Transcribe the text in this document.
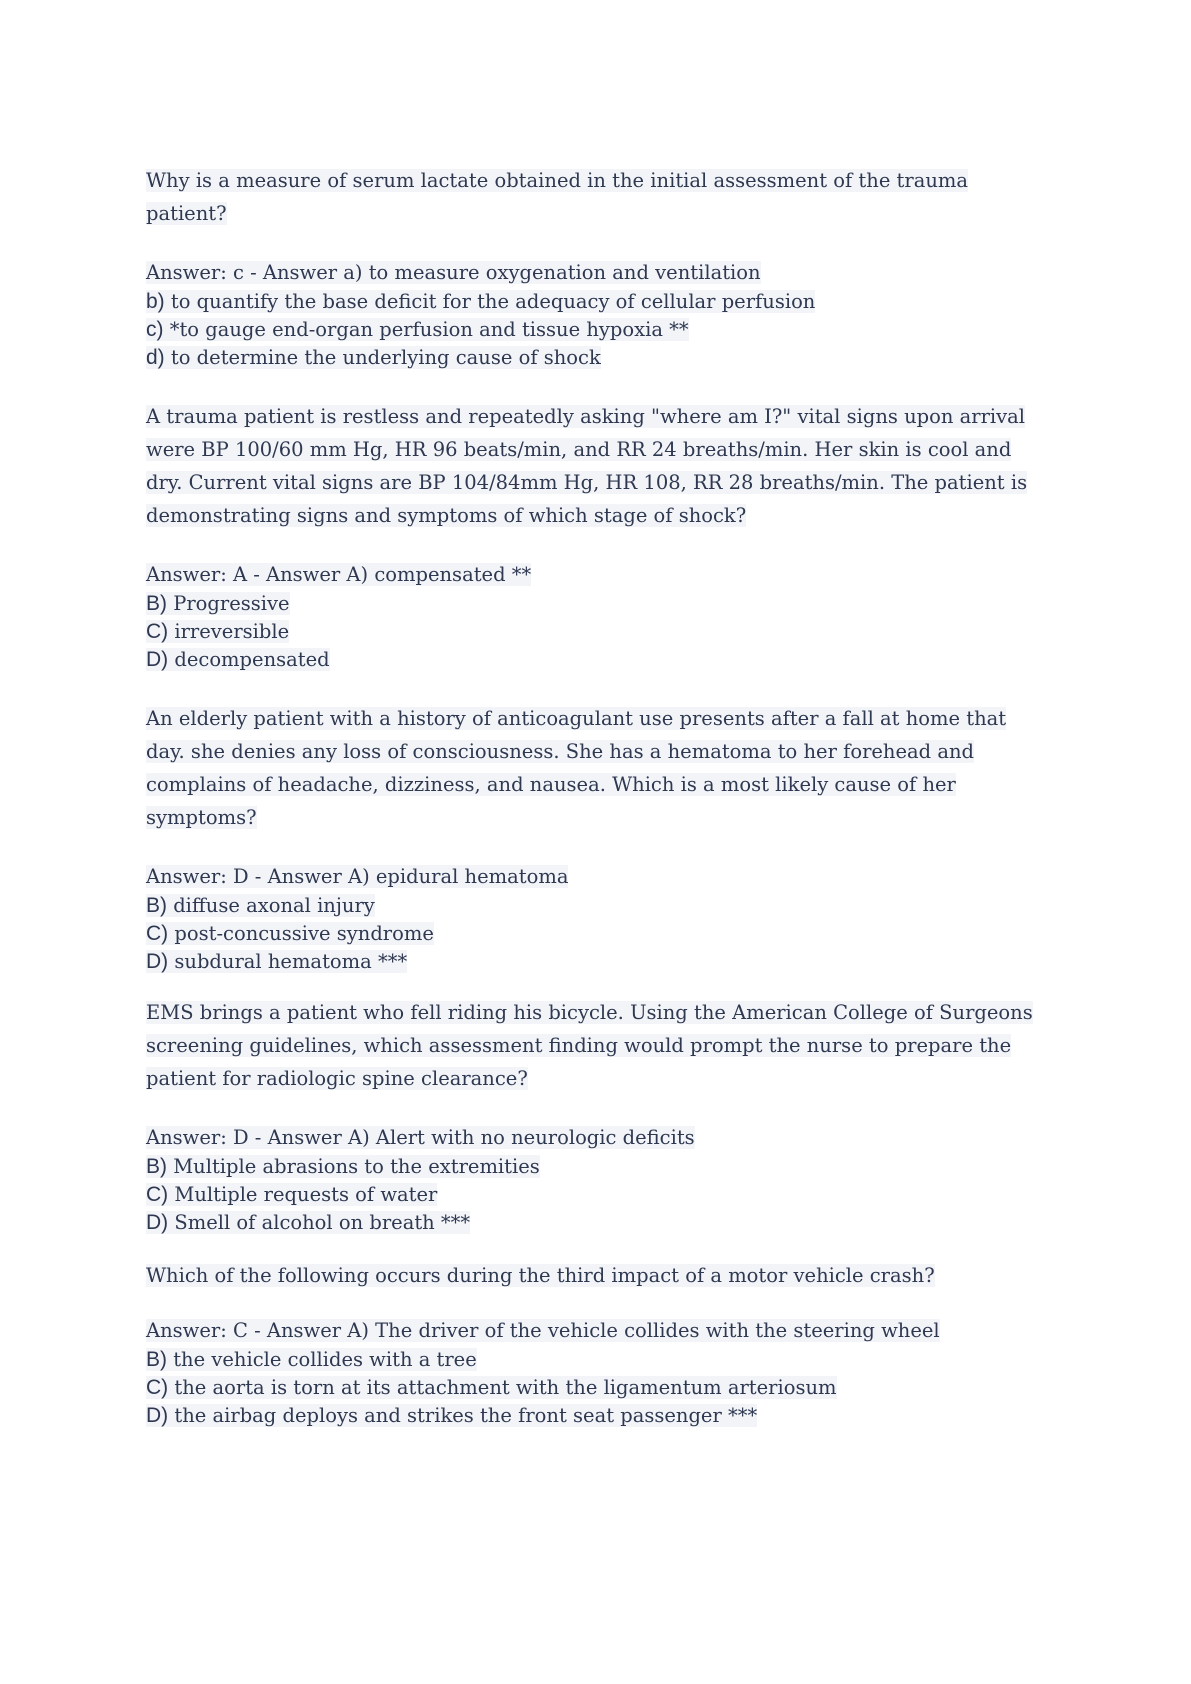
Why is a measure of serum lactate obtained in the initial assessment of the trauma patient?

Answer: c - Answer a) to measure oxygenation and ventilation

b) to quantify the base deficit for the adequacy of cellular perfusion

c) *to gauge end-organ perfusion and tissue hypoxia **

d) to determine the underlying cause of shock

A trauma patient is restless and repeatedly asking "where am I?" vital signs upon arrival were BP 100/60 mm Hg, HR 96 beats/min, and RR 24 breaths/min. Her skin is cool and dry. Current vital signs are BP 104/84mm Hg, HR 108, RR 28 breaths/min. The patient is demonstrating signs and symptoms of which stage of shock?

Answer: A - Answer A) compensated **

B) Progressive

C) irreversible

D) decompensated

An elderly patient with a history of anticoagulant use presents after a fall at home that day. she denies any loss of consciousness. She has a hematoma to her forehead and complains of headache, dizziness, and nausea. Which is a most likely cause of her symptoms?

Answer: D - Answer A) epidural hematoma

B) diffuse axonal injury

C) post-concussive syndrome

D) subdural hematoma ***

EMS brings a patient who fell riding his bicycle. Using the American College of Surgeons screening guidelines, which assessment finding would prompt the nurse to prepare the patient for radiologic spine clearance?

Answer: D - Answer A) Alert with no neurologic deficits

B) Multiple abrasions to the extremities

C) Multiple requests of water

D) Smell of alcohol on breath ***

Which of the following occurs during the third impact of a motor vehicle crash?

Answer: C - Answer A) The driver of the vehicle collides with the steering wheel

B) the vehicle collides with a tree

C) the aorta is torn at its attachment with the ligamentum arteriosum

D) the airbag deploys and strikes the front seat passenger ***
